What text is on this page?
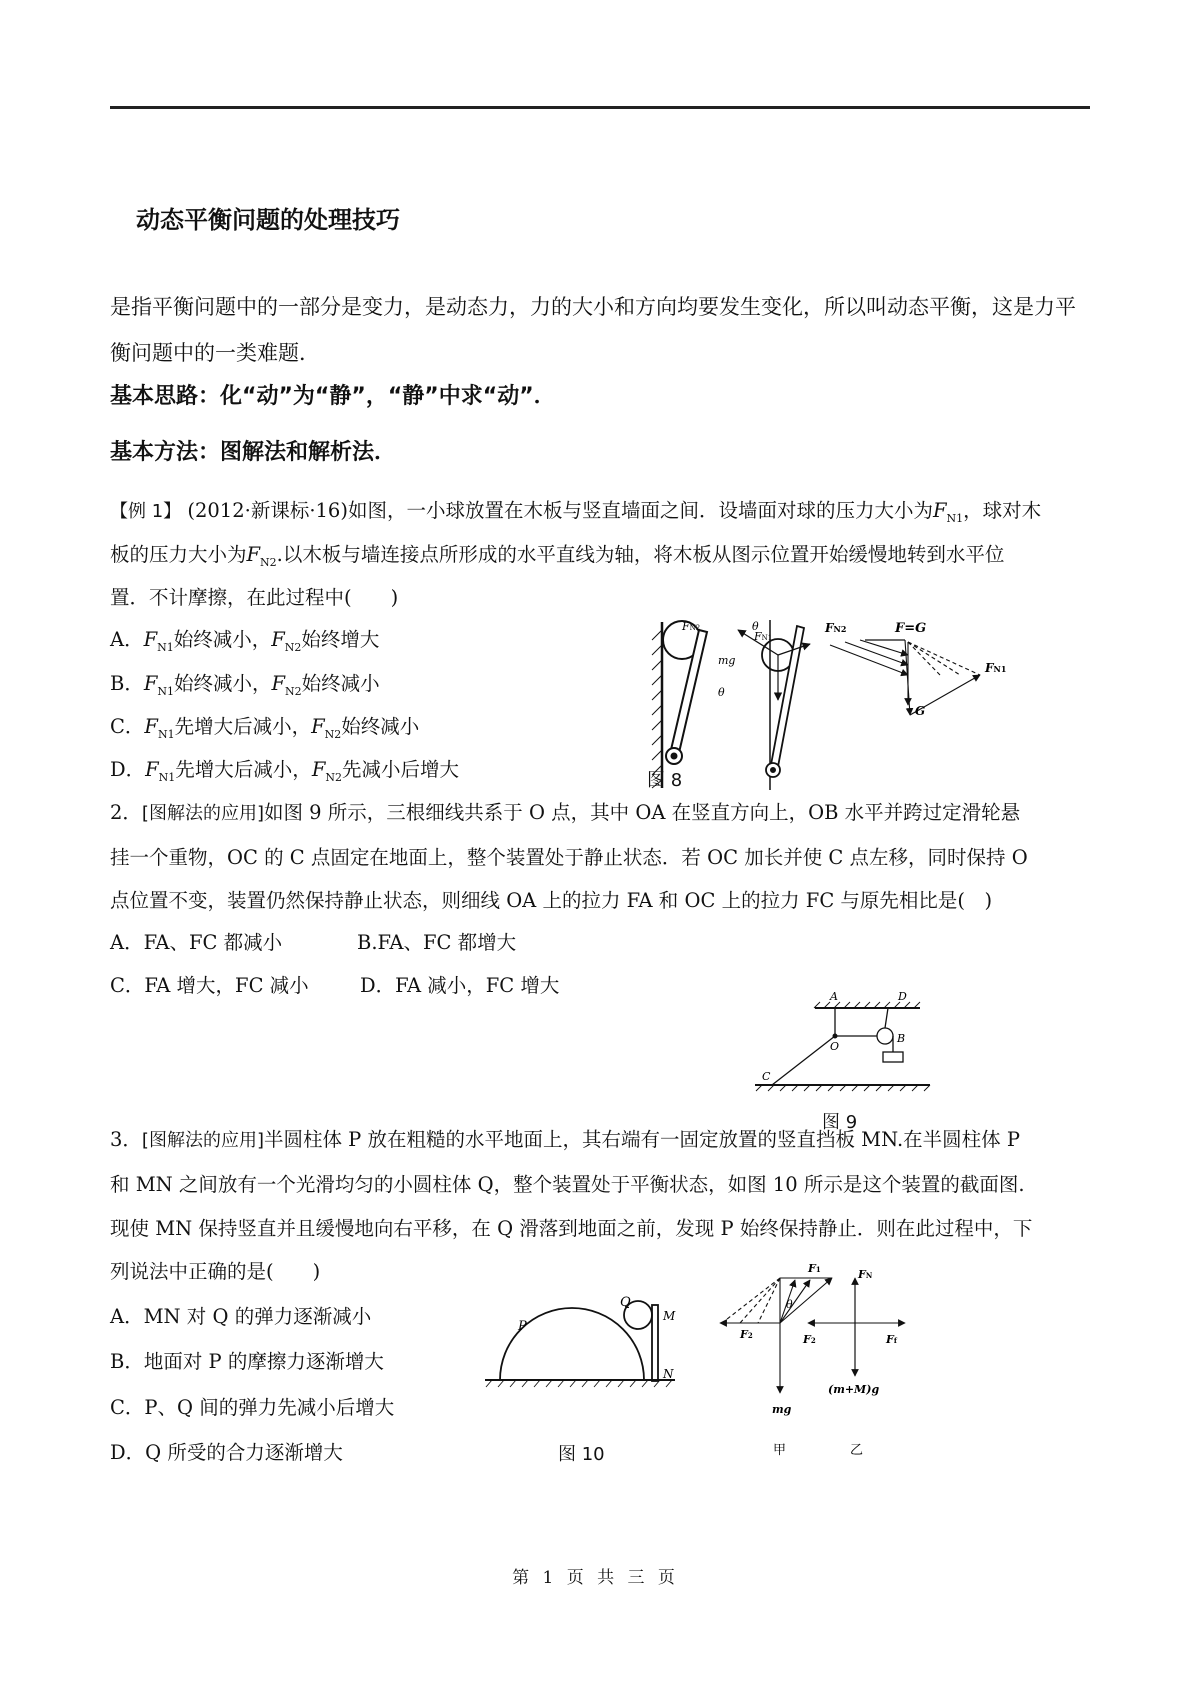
动态平衡问题的处理技巧
是指平衡问题中的一部分是变力，是动态力，力的大小和方向均要发生变化，所以叫动态平衡，这是力平
衡问题中的一类难题．
基本思路：化“动”为“静”，“静”中求“动”．
基本方法：图解法和解析法．
【例 1】 (2012·新课标·16)如图，一小球放置在木板与竖直墙面之间．设墙面对球的压力大小为$F_{N1}$，球对木
板的压力大小为$F_{N2}$.以木板与墙连接点所形成的水平直线为轴，将木板从图示位置开始缓慢地转到水平位
置．不计摩擦，在此过程中(　　)
A．$F_{N1}$始终减小，$F_{N2}$始终增大
B．$F_{N1}$始终减小，$F_{N2}$始终减小
C．$F_{N1}$先增大后减小，$F_{N2}$始终减小
D．$F_{N1}$先增大后减小，$F_{N2}$先减小后增大
FN2	θ
FN1
mg
θ
F=G
FN2
FN1
G
图 8
2．[图解法的应用]如图 9 所示，三根细线共系于 O 点，其中 OA 在竖直方向上，OB 水平并跨过定滑轮悬
挂一个重物，OC 的 C 点固定在地面上，整个装置处于静止状态．若 OC 加长并使 C 点左移，同时保持 O
点位置不变，装置仍然保持静止状态，则细线 OA 上的拉力 FA 和 OC 上的拉力 FC 与原先相比是(　)
A．FA、FC 都减小	B.FA、FC 都增大
C．FA 增大，FC 减小	D．FA 减小，FC 增大	A	D
O
B
C
图 9
3．[图解法的应用]半圆柱体 P 放在粗糙的水平地面上，其右端有一固定放置的竖直挡板 MN.在半圆柱体 P
和 MN 之间放有一个光滑均匀的小圆柱体 Q，整个装置处于平衡状态，如图 10 所示是这个装置的截面图.
现使 MN 保持竖直并且缓慢地向右平移，在 Q 滑落到地面之前，发现 P 始终保持静止．则在此过程中，下
列说法中正确的是(　　)
A．MN 对 Q 的弹力逐渐减小
B．地面对 P 的摩擦力逐渐增大
C．P、Q 间的弹力先减小后增大
D．Q 所受的合力逐渐增大
P
Q
M
N
图 10
F1
θ
F2
mg
甲
FN
F2	Ff
(m+M)g
乙
第 1 页 共 三 页
